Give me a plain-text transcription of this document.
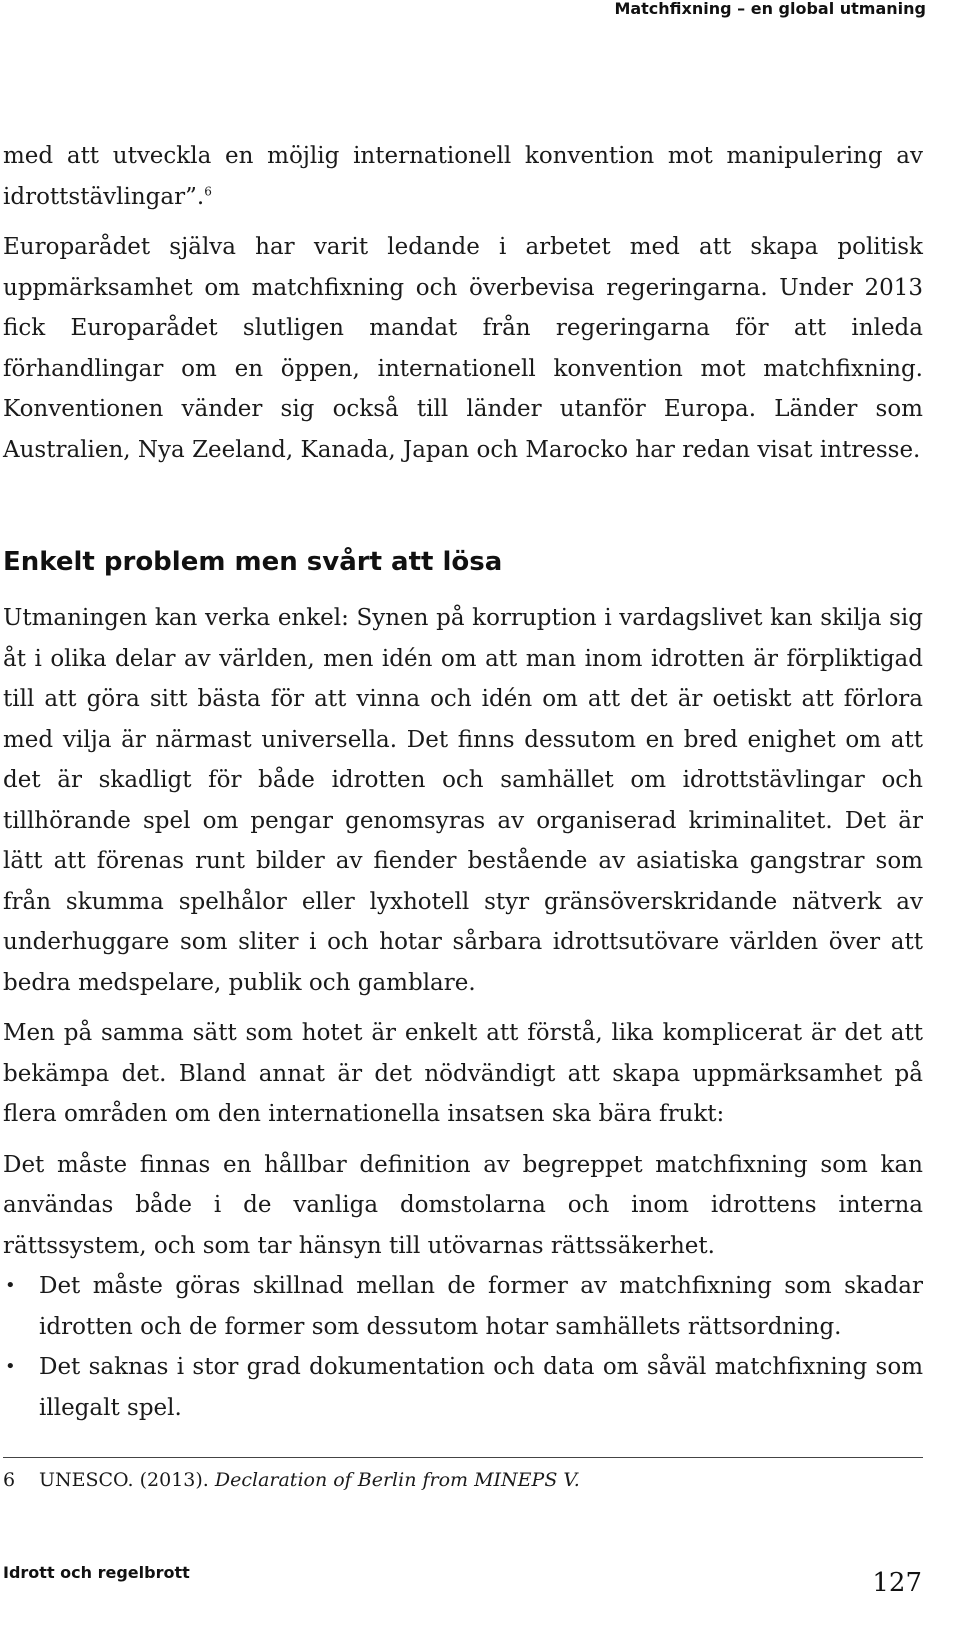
Matchfixning – en global utmaning

med att utveckla en möjlig internationell konvention mot manipulering av idrottstävlingar”.$^6$

Europarådet själva har varit ledande i arbetet med att skapa politisk uppmärksamhet om matchfixning och överbevisa regeringarna. Under 2013 fick Europarådet slutligen mandat från regeringarna för att inleda förhandlingar om en öppen, internationell konvention mot matchfixning. Konventionen vänder sig också till länder utanför Europa. Länder som Australien, Nya Zeeland, Kanada, Japan och Marocko har redan visat intresse.

Enkelt problem men svårt att lösa

Utmaningen kan verka enkel: Synen på korruption i vardagslivet kan skilja sig åt i olika delar av världen, men idén om att man inom idrotten är förpliktigad till att göra sitt bästa för att vinna och idén om att det är oetiskt att förlora med vilja är närmast universella. Det finns dessutom en bred enighet om att det är skadligt för både idrotten och samhället om idrottstävlingar och tillhörande spel om pengar genomsyras av organiserad kriminalitet. Det är lätt att förenas runt bilder av fiender bestående av asiatiska gangstrar som från skumma spelhålor eller lyxhotell styr gränsöverskridande nätverk av underhuggare som sliter i och hotar sårbara idrottsutövare världen över att bedra medspelare, publik och gamblare.

Men på samma sätt som hotet är enkelt att förstå, lika komplicerat är det att bekämpa det. Bland annat är det nödvändigt att skapa uppmärksamhet på flera områden om den internationella insatsen ska bära frukt:

Det måste finnas en hållbar definition av begreppet matchfixning som kan användas både i de vanliga domstolarna och inom idrottens interna rättssystem, och som tar hänsyn till utövarnas rättssäkerhet.

• Det måste göras skillnad mellan de former av matchfixning som skadar idrotten och de former som dessutom hotar samhällets rättsordning.
• Det saknas i stor grad dokumentation och data om såväl matchfixning som illegalt spel.
6 UNESCO. (2013). Declaration of Berlin from MINEPS V.
Idrott och regelbrott	127
